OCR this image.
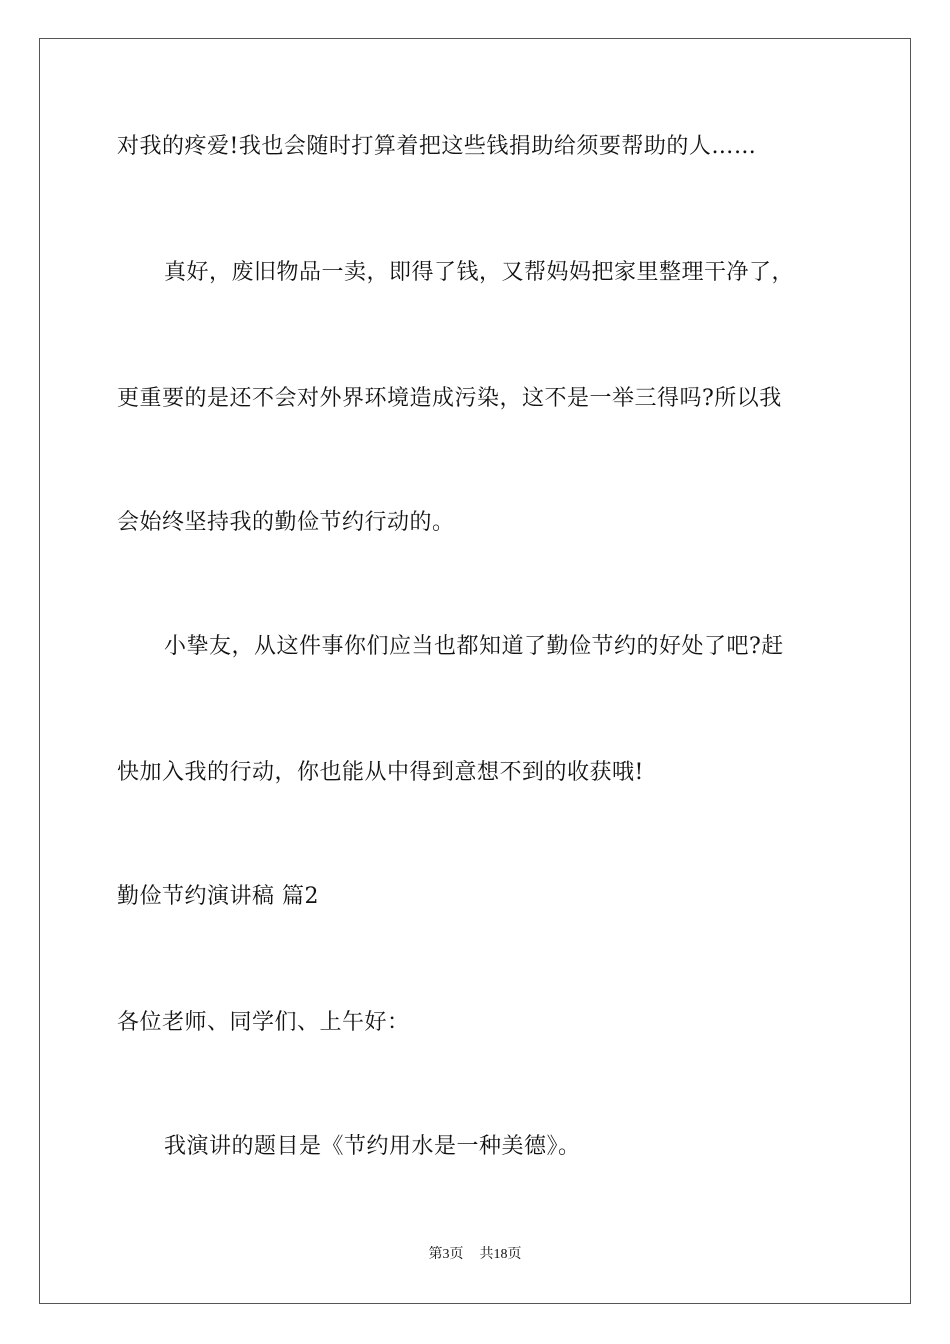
对我的疼爱!我也会随时打算着把这些钱捐助给须要帮助的人……
真好，废旧物品一卖，即得了钱，又帮妈妈把家里整理干净了，
更重要的是还不会对外界环境造成污染，这不是一举三得吗?所以我
会始终坚持我的勤俭节约行动的。
小挚友，从这件事你们应当也都知道了勤俭节约的好处了吧?赶
快加入我的行动，你也能从中得到意想不到的收获哦!
勤俭节约演讲稿 篇2
各位老师、同学们、上午好：
我演讲的题目是《节约用水是一种美德》。
第3页 共18页
